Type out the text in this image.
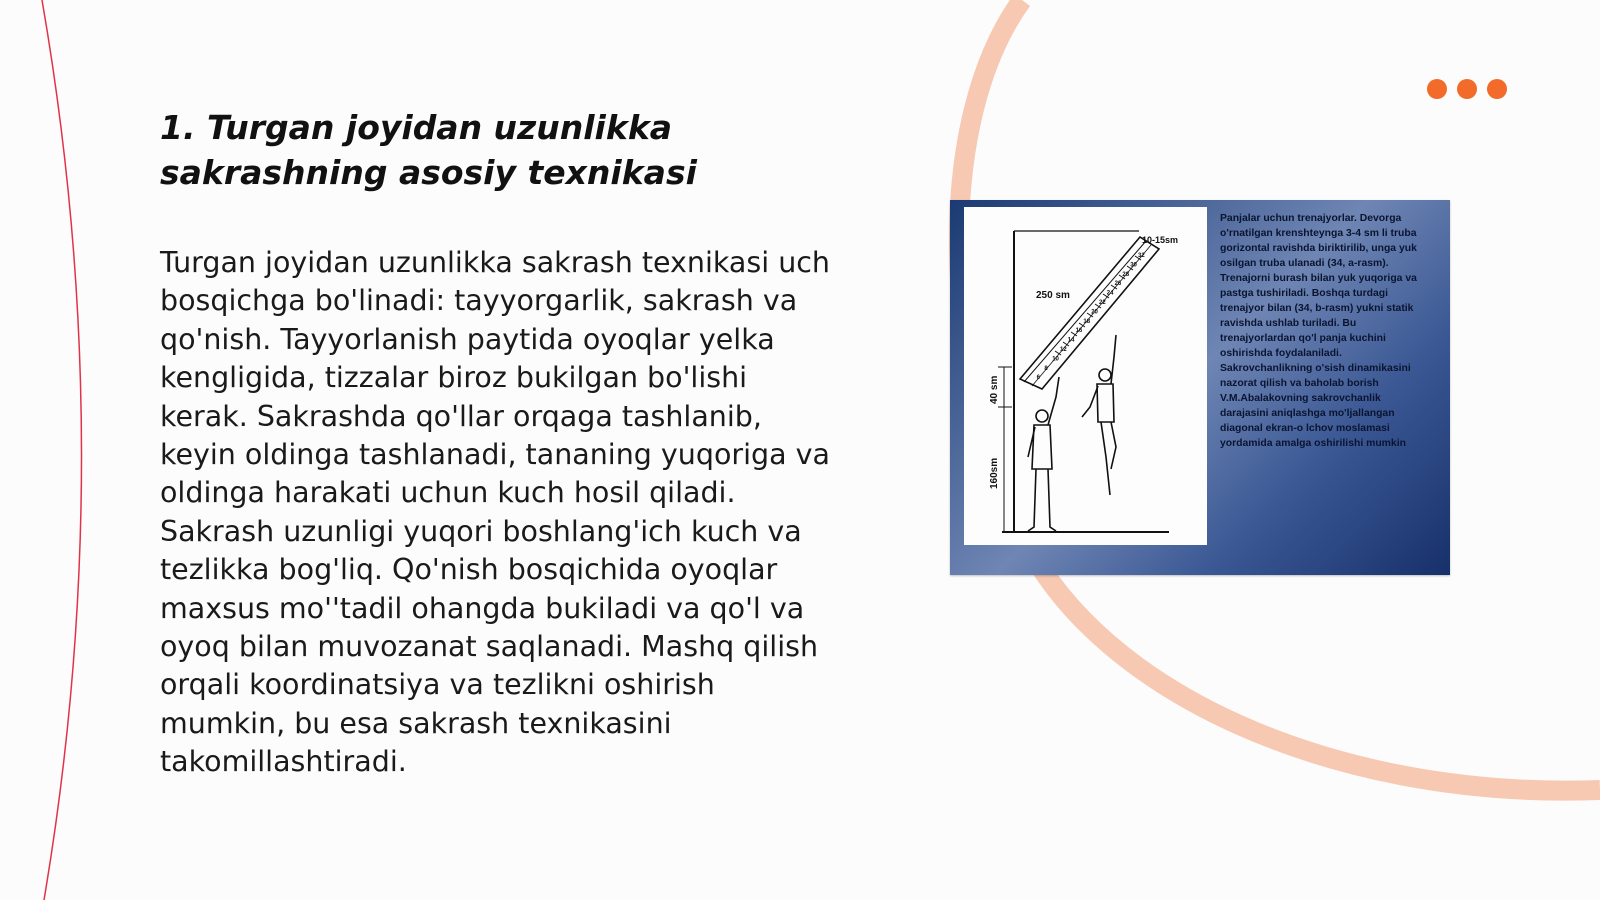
1. Turgan joyidan uzunlikka sakrashning asosiy texnikasi

Turgan joyidan uzunlikka sakrash texnikasi uch bosqichga bo'linadi: tayyorgarlik, sakrash va qo'nish. Tayyorlanish paytida oyoqlar yelka kengligida, tizzalar biroz bukilgan bo'lishi kerak. Sakrashda qo'llar orqaga tashlanib, keyin oldinga tashlanadi, tananing yuqoriga va oldinga harakati uchun kuch hosil qiladi. Sakrash uzunligi yuqori boshlang'ich kuch va tezlikka bog'liq. Qo'nish bosqichida oyoqlar maxsus mo''tadil ohangda bukiladi va qo'l va oyoq bilan muvozanat saqlanadi. Mashq qilish orqali koordinatsiya va tezlikni oshirish mumkin, bu esa sakrash texnikasini takomillashtiradi.

10-15sm
250 sm
40 sm
160sm
32
30
28
26
24
22
20
18
16
14
12
10
8
6

Panjalar uchun trenajyorlar. Devorga o'rnatilgan krenshteynga 3-4 sm li truba gorizontal ravishda biriktirilib, unga yuk osilgan truba ulanadi (34, a-rasm). Trenajorni burash bilan yuk yuqoriga va pastga tushiriladi. Boshqa turdagi trenajyor bilan (34, b-rasm) yukni statik ravishda ushlab turiladi. Bu trenajyorlardan qo'l panja kuchini oshirishda foydalaniladi. Sakrovchanlikning o'sish dinamikasini nazorat qilish va baholab borish V.M.Abalakovning sakrovchanlik darajasini aniqlashga mo'ljallangan diagonal ekran-o lchov moslamasi yordamida amalga oshirilishi mumkin
